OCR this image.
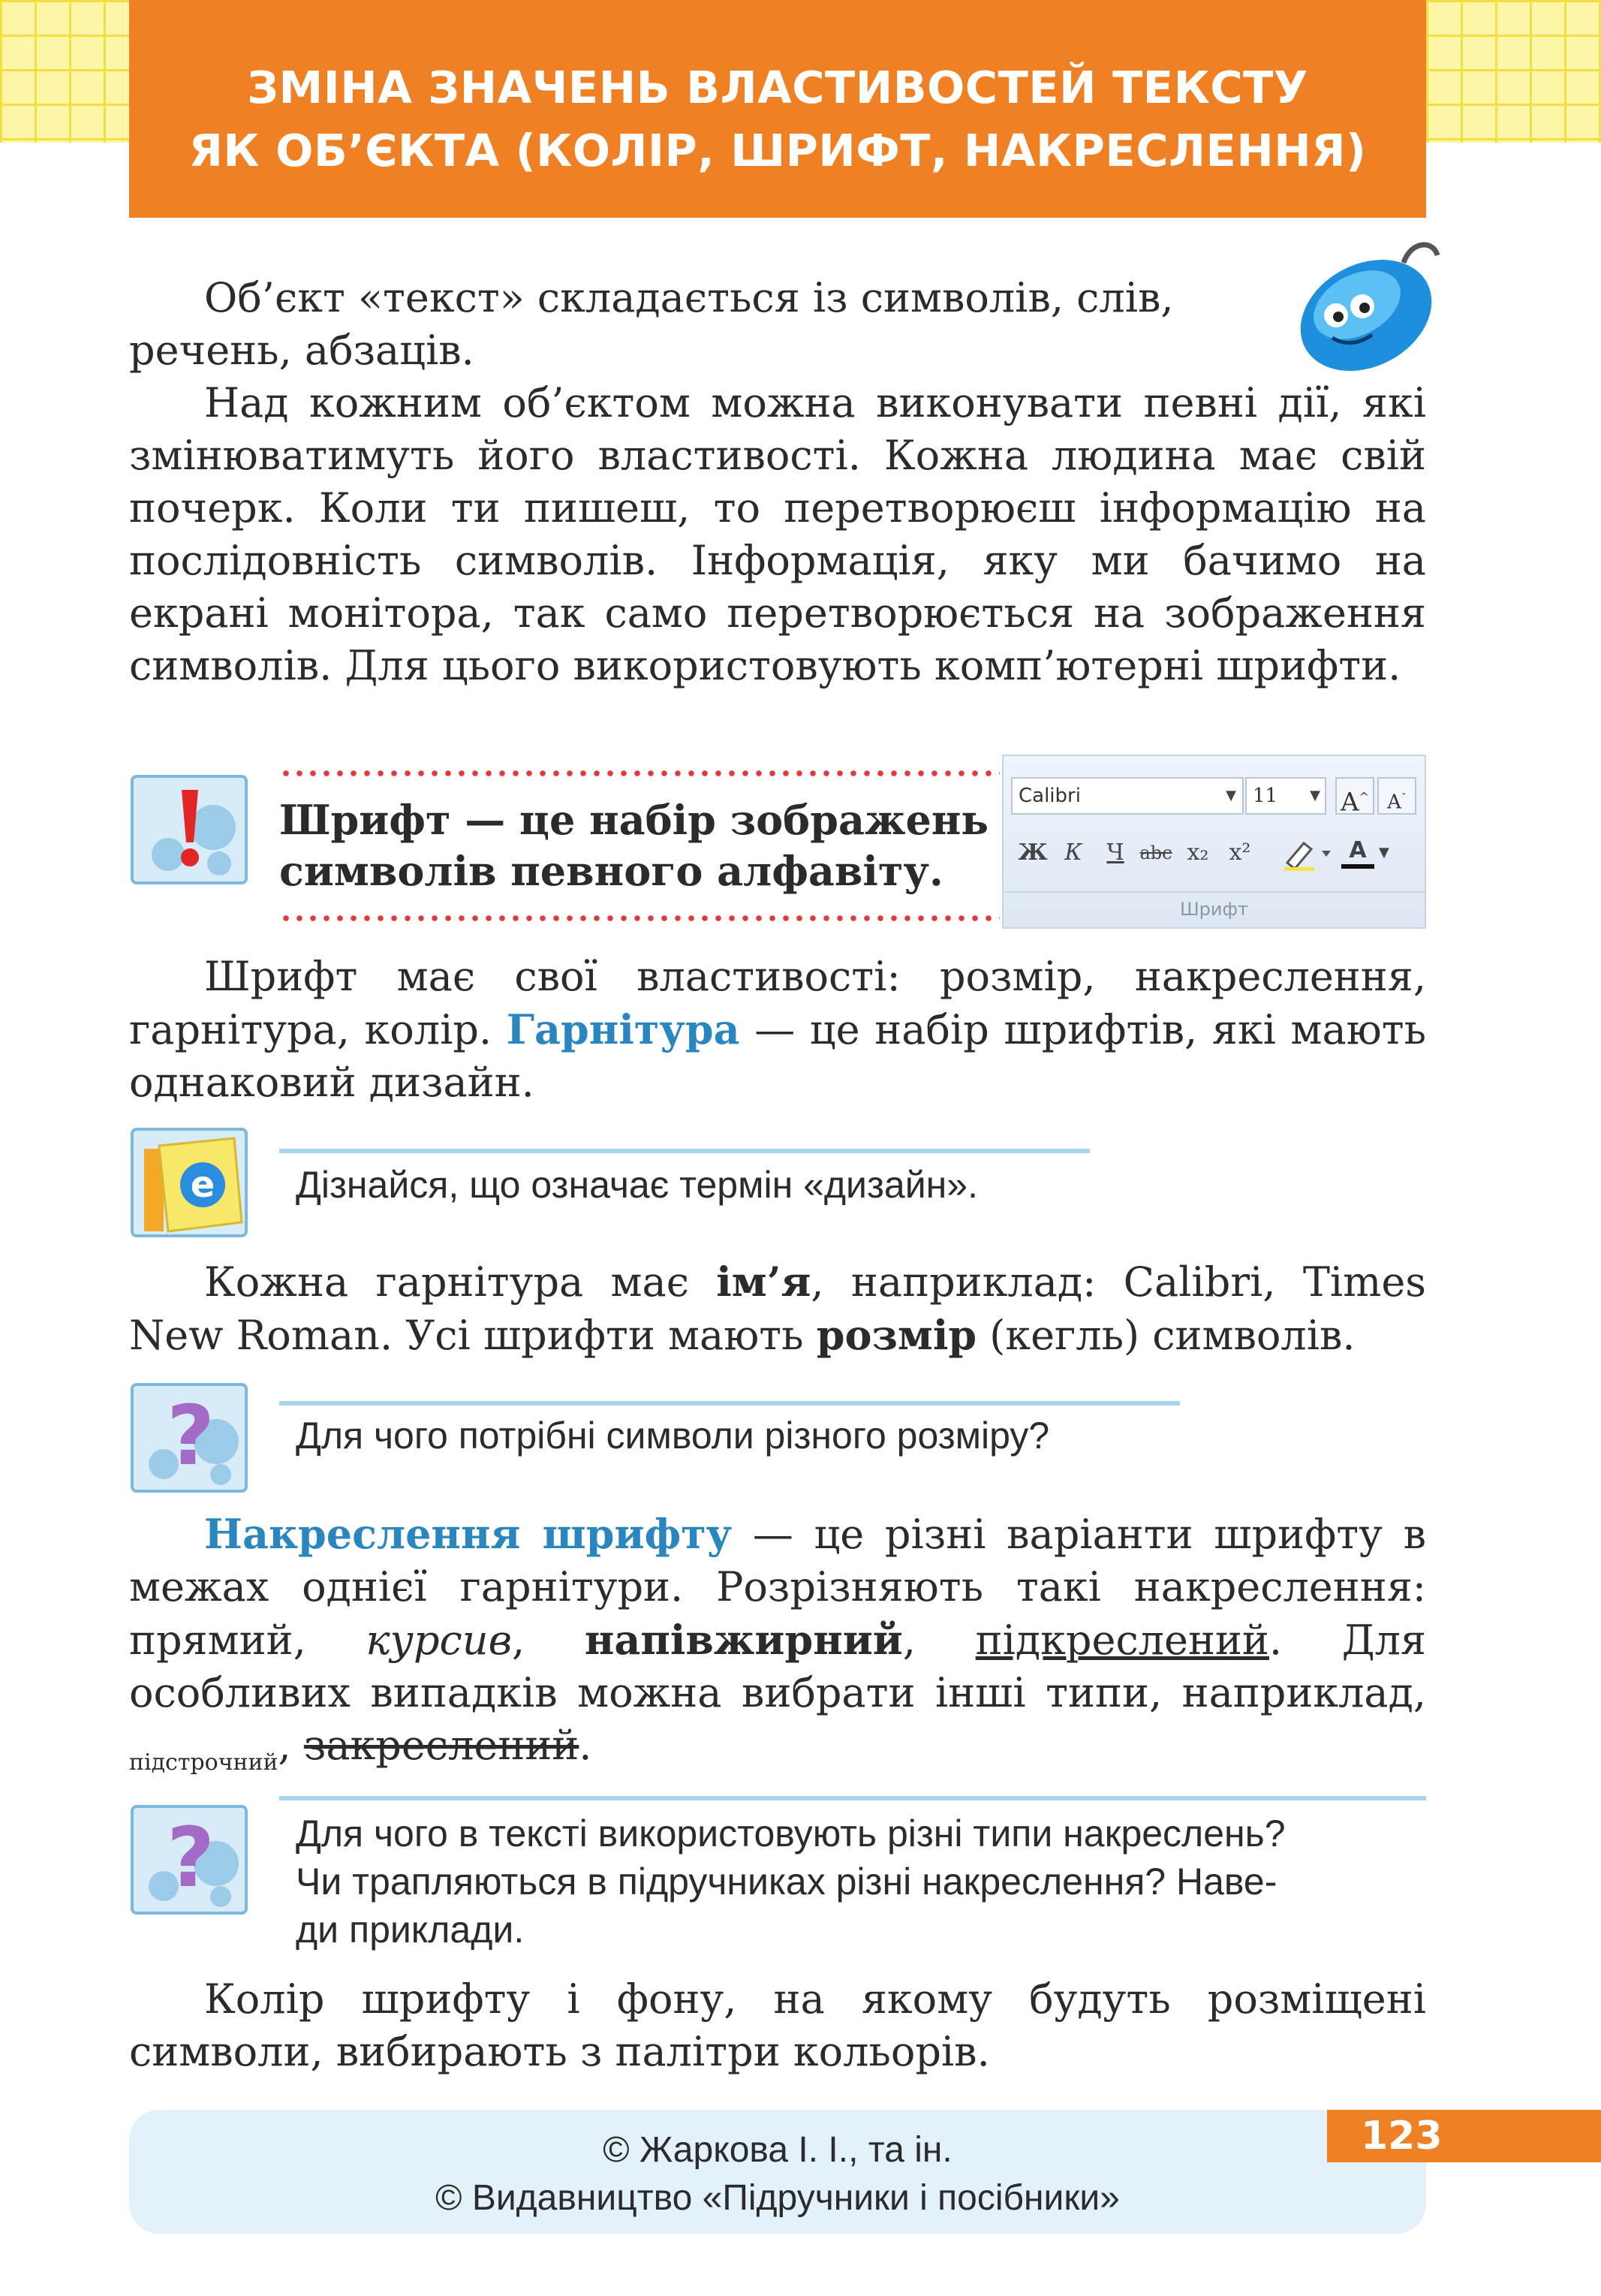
ЗМІНА ЗНАЧЕНЬ ВЛАСТИВОСТЕЙ ТЕКСТУ
ЯК ОБ’ЄКТА (КОЛІР, ШРИФТ, НАКРЕСЛЕННЯ)
Об’єкт «текст» складається із символів, слів,
речень, абзаців.
Над кожним об’єктом можна виконувати певні дії, які змінюватимуть його властивості. Кожна людина має свій почерк. Коли ти пишеш, то перетворюєш інформацію на послідовність символів. Інформація, яку ми бачимо на екрані монітора, так само перетворюється на зображення символів. Для цього використовують комп’ютерні шрифти.
Шрифт — це набір зображень
символів певного алфавіту.
Calibri	▼ 11 ▼ A^ $A^ˇ$
Ж К	Ч abc x₂ x²	A ▼
Шрифт
Шрифт має свої властивості: розмір, накреслення, гарнітура, колір. Гарнітура — це набір шрифтів, які мають однаковий дизайн.
e Дізнайся, що означає термін «дизайн».
Кожна гарнітура має ім’я, наприклад: Calibri, Times New Roman. Усі шрифти мають розмір (кегль) символів.
? Для чого потрібні символи різного розміру?
Накреслення шрифту — це різні варіанти шрифту в межах однієї гарнітури. Розрізняють такі накреслення: прямий, курсив, напівжирний, підкреслений. Для особливих випадків можна вибрати інші типи, наприклад, $_{підстрочний}$, закреслений.
? Для чого в тексті використовують різні типи накреслень?
Чи трапляються в підручниках різні накреслення? Наве-
ди приклади.
Колір шрифту і фону, на якому будуть розміщені символи, вибирають з палітри кольорів.
© Жаркова І. І., та ін.
© Видавництво «Підручники і посібники»
123
